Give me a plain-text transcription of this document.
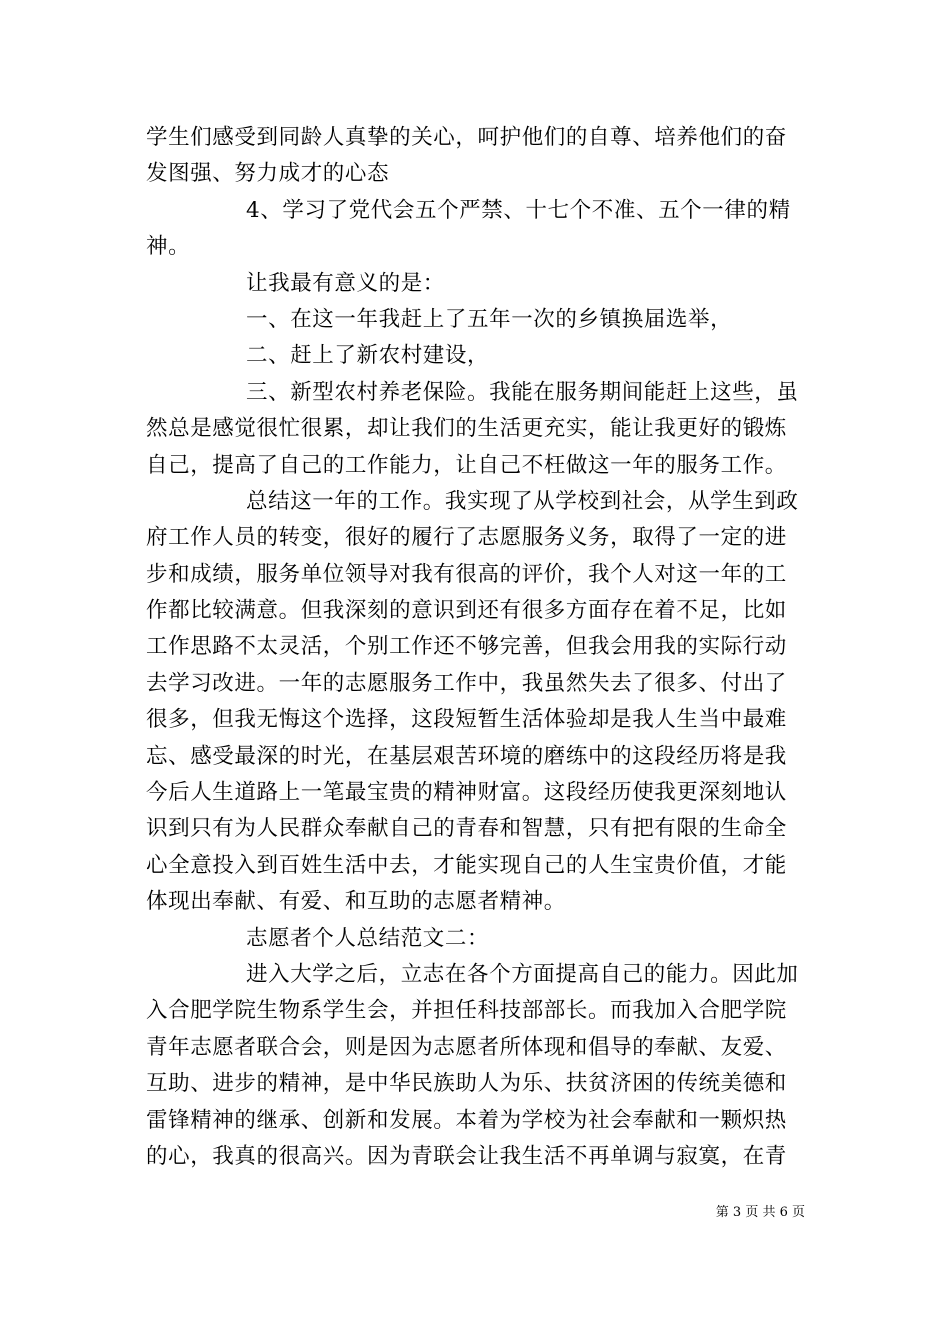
学生们感受到同龄人真挚的关心，呵护他们的自尊、培养他们的奋
发图强、努力成才的心态
4、学习了党代会五个严禁、十七个不准、五个一律的精
神。
让我最有意义的是：
一、在这一年我赶上了五年一次的乡镇换届选举，
二、赶上了新农村建设，
三、新型农村养老保险。我能在服务期间能赶上这些，虽
然总是感觉很忙很累，却让我们的生活更充实，能让我更好的锻炼
自己，提高了自己的工作能力，让自己不枉做这一年的服务工作。
总结这一年的工作。我实现了从学校到社会，从学生到政
府工作人员的转变，很好的履行了志愿服务义务，取得了一定的进
步和成绩，服务单位领导对我有很高的评价，我个人对这一年的工
作都比较满意。但我深刻的意识到还有很多方面存在着不足，比如
工作思路不太灵活，个别工作还不够完善，但我会用我的实际行动
去学习改进。一年的志愿服务工作中，我虽然失去了很多、付出了
很多，但我无悔这个选择，这段短暂生活体验却是我人生当中最难
忘、感受最深的时光，在基层艰苦环境的磨练中的这段经历将是我
今后人生道路上一笔最宝贵的精神财富。这段经历使我更深刻地认
识到只有为人民群众奉献自己的青春和智慧，只有把有限的生命全
心全意投入到百姓生活中去，才能实现自己的人生宝贵价值，才能
体现出奉献、有爱、和互助的志愿者精神。
志愿者个人总结范文二：
进入大学之后，立志在各个方面提高自己的能力。因此加
入合肥学院生物系学生会，并担任科技部部长。而我加入合肥学院
青年志愿者联合会，则是因为志愿者所体现和倡导的奉献、友爱、
互助、进步的精神，是中华民族助人为乐、扶贫济困的传统美德和
雷锋精神的继承、创新和发展。本着为学校为社会奉献和一颗炽热
的心，我真的很高兴。因为青联会让我生活不再单调与寂寞，在青
第 3 页 共 6 页
